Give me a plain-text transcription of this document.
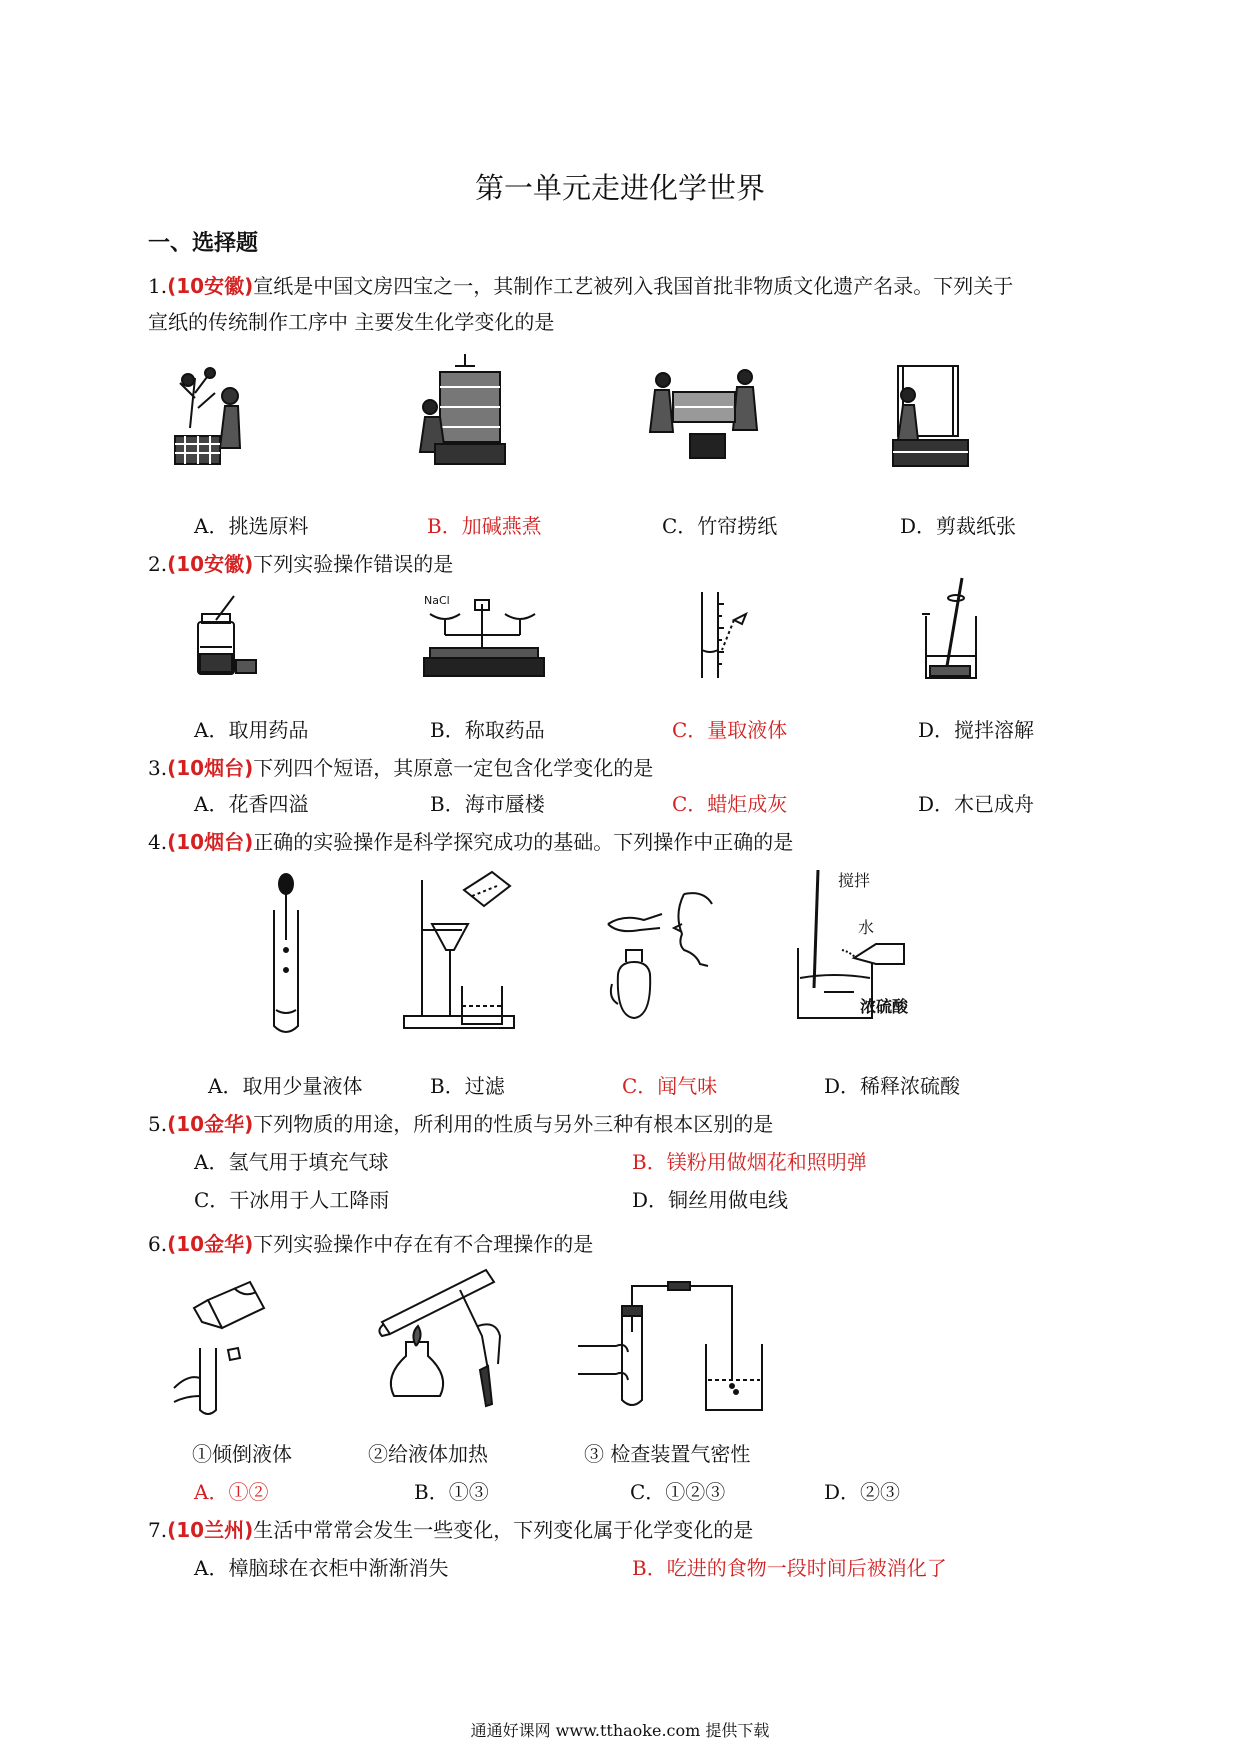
第一单元走进化学世界
一、选择题
1.(10安徽)宣纸是中国文房四宝之一，其制作工艺被列入我国首批非物质文化遗产名录。下列关于
宣纸的传统制作工序中 主要发生化学变化的是
A．挑选原料	B．加碱燕煮	C．竹帘捞纸	D．剪裁纸张
2.(10安徽)下列实验操作错误的是
NaCl
A．取用药品	B．称取药品	C．量取液体	D．搅拌溶解
3.(10烟台)下列四个短语，其原意一定包含化学变化的是
A．花香四溢	B．海市蜃楼	C．蜡炬成灰	D．木已成舟
4.(10烟台)正确的实验操作是科学探究成功的基础。下列操作中正确的是
搅拌
水
浓硫酸
A．取用少量液体	B．过滤	C．闻气味	D．稀释浓硫酸
5.(10金华)下列物质的用途，所利用的性质与另外三种有根本区别的是
A．氢气用于填充气球	B．镁粉用做烟花和照明弹
C．干冰用于人工降雨	D．铜丝用做电线
6.(10金华)下列实验操作中存在有不合理操作的是
①倾倒液体	②给液体加热	③ 检查装置气密性
A．①②	B．①③	C．①②③	D．②③
7.(10兰州)生活中常常会发生一些变化，下列变化属于化学变化的是
A．樟脑球在衣柜中渐渐消失	B．吃进的食物一段时间后被消化了
通通好课网 www.tthaoke.com 提供下载
